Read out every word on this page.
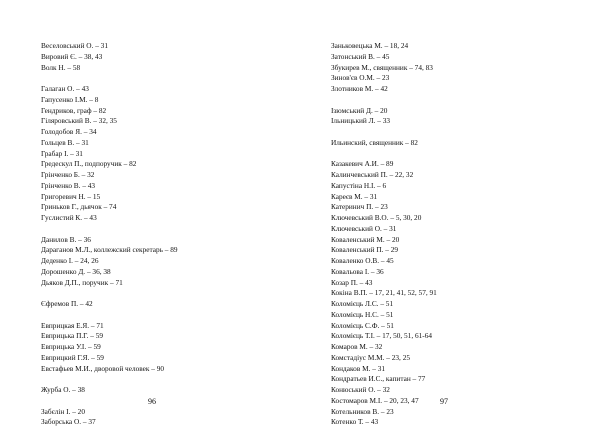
Веселовський О. – 31
Вировий Є. – 38, 43
Волк Н. – 58
Галаган О. – 43
Гапусенко І.М. – 8
Гендриков, граф – 82
Гіляровський В. – 32, 35
Голодобов Я. – 34
Гольцев В. – 31
Грабар І. – 31
Гредескул П., подпоручик – 82
Грінченко Б. – 32
Грінченко В. – 43
Григоревич Н. – 15
Гриньков Г., дьячок – 74
Гуслистий К. – 43
Данилов В. – 36
Дараганов М.Л., коллежский секретарь – 89
Деденко І. – 24, 26
Дорошенко Д. – 36, 38
Дьяков Д.П., поручик – 71
Єфремов П. – 42
Евприцкая Е.Я. – 71
Евприцька П.Г. – 59
Евприцька У.І. – 59
Евприцкий Г.Я. – 59
Евстафьев М.И., дворовой человек – 90
Журба О. – 38
Забєлін І. – 20
Заборська О. – 37
96
Заньковецька М. – 18, 24
Затонський В. – 45
Збукирев М., священник – 74, 83
Зинов'єв О.М. – 23
Злотников М. – 42
Ізюмський Д. – 20
Ільницький Л. – 33
Ильинский, священник – 82
Казакевич А.И. – 89
Калинчевський П. – 22, 32
Капустіна Н.І. – 6
Кареєв М. – 31
Катеринич П. – 23
Ключевський В.О. – 5, 30, 20
Ключевський О. – 31
Коваленський М. – 20
Коваленський П. – 29
Коваленко О.В. – 45
Ковальова І. – 36
Козар П. – 43
Кокіна В.П. – 17, 21, 41, 52, 57, 91
Коломієць Л.С. – 51
Коломієць Н.С. – 51
Коломієць С.Ф. – 51
Коломієць Т.І. – 17, 50, 51, 61-64
Комаров М. – 32
Комстадіус М.М. – 23, 25
Кондаков М. – 31
Кондратьев И.С., капитан – 77
Конюський О. – 32
Костомаров М.І. – 20, 23, 47
Котельников В. – 23
Котенко Т. – 43
97
